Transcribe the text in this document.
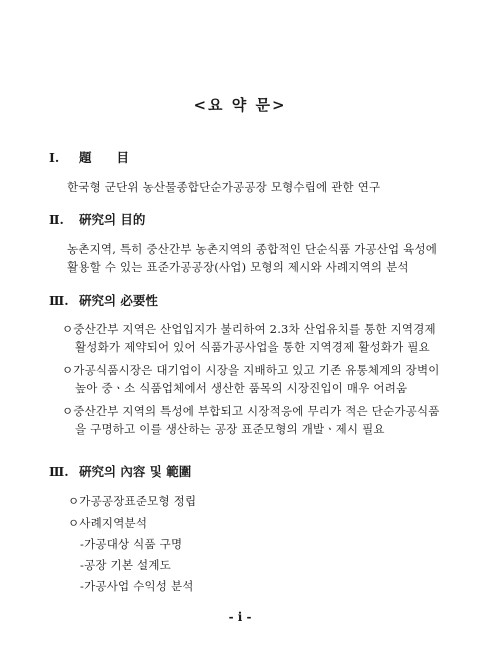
<요 약 문>
Ⅰ. 題　　目
한국형 군단위 농산물종합단순가공공장 모형수립에 관한 연구
Ⅱ. 硏究의 目的
농촌지역, 특히 중산간부 농촌지역의 종합적인 단순식품 가공산업 육성에
활용할 수 있는 표준가공공장(사업) 모형의 제시와 사례지역의 분석
Ⅲ. 硏究의 必要性
ㅇ중산간부 지역은 산업입지가 불리하여 2.3차 산업유치를 통한 지역경제
활성화가 제약되어 있어 식품가공사업을 통한 지역경제 활성화가 필요
ㅇ가공식품시장은 대기업이 시장을 지배하고 있고 기존 유통체계의 장벽이
높아 중ㆍ소 식품업체에서 생산한 품목의 시장진입이 매우 어려움
ㅇ중산간부 지역의 특성에 부합되고 시장적응에 무리가 적은 단순가공식품
을 구명하고 이를 생산하는 공장 표준모형의 개발ㆍ제시 필요
Ⅲ. 硏究의 內容 및 範圍
ㅇ가공공장표준모형 정립
ㅇ사례지역분석
-가공대상 식품 구명
-공장 기본 설계도
-가공사업 수익성 분석
- i -
